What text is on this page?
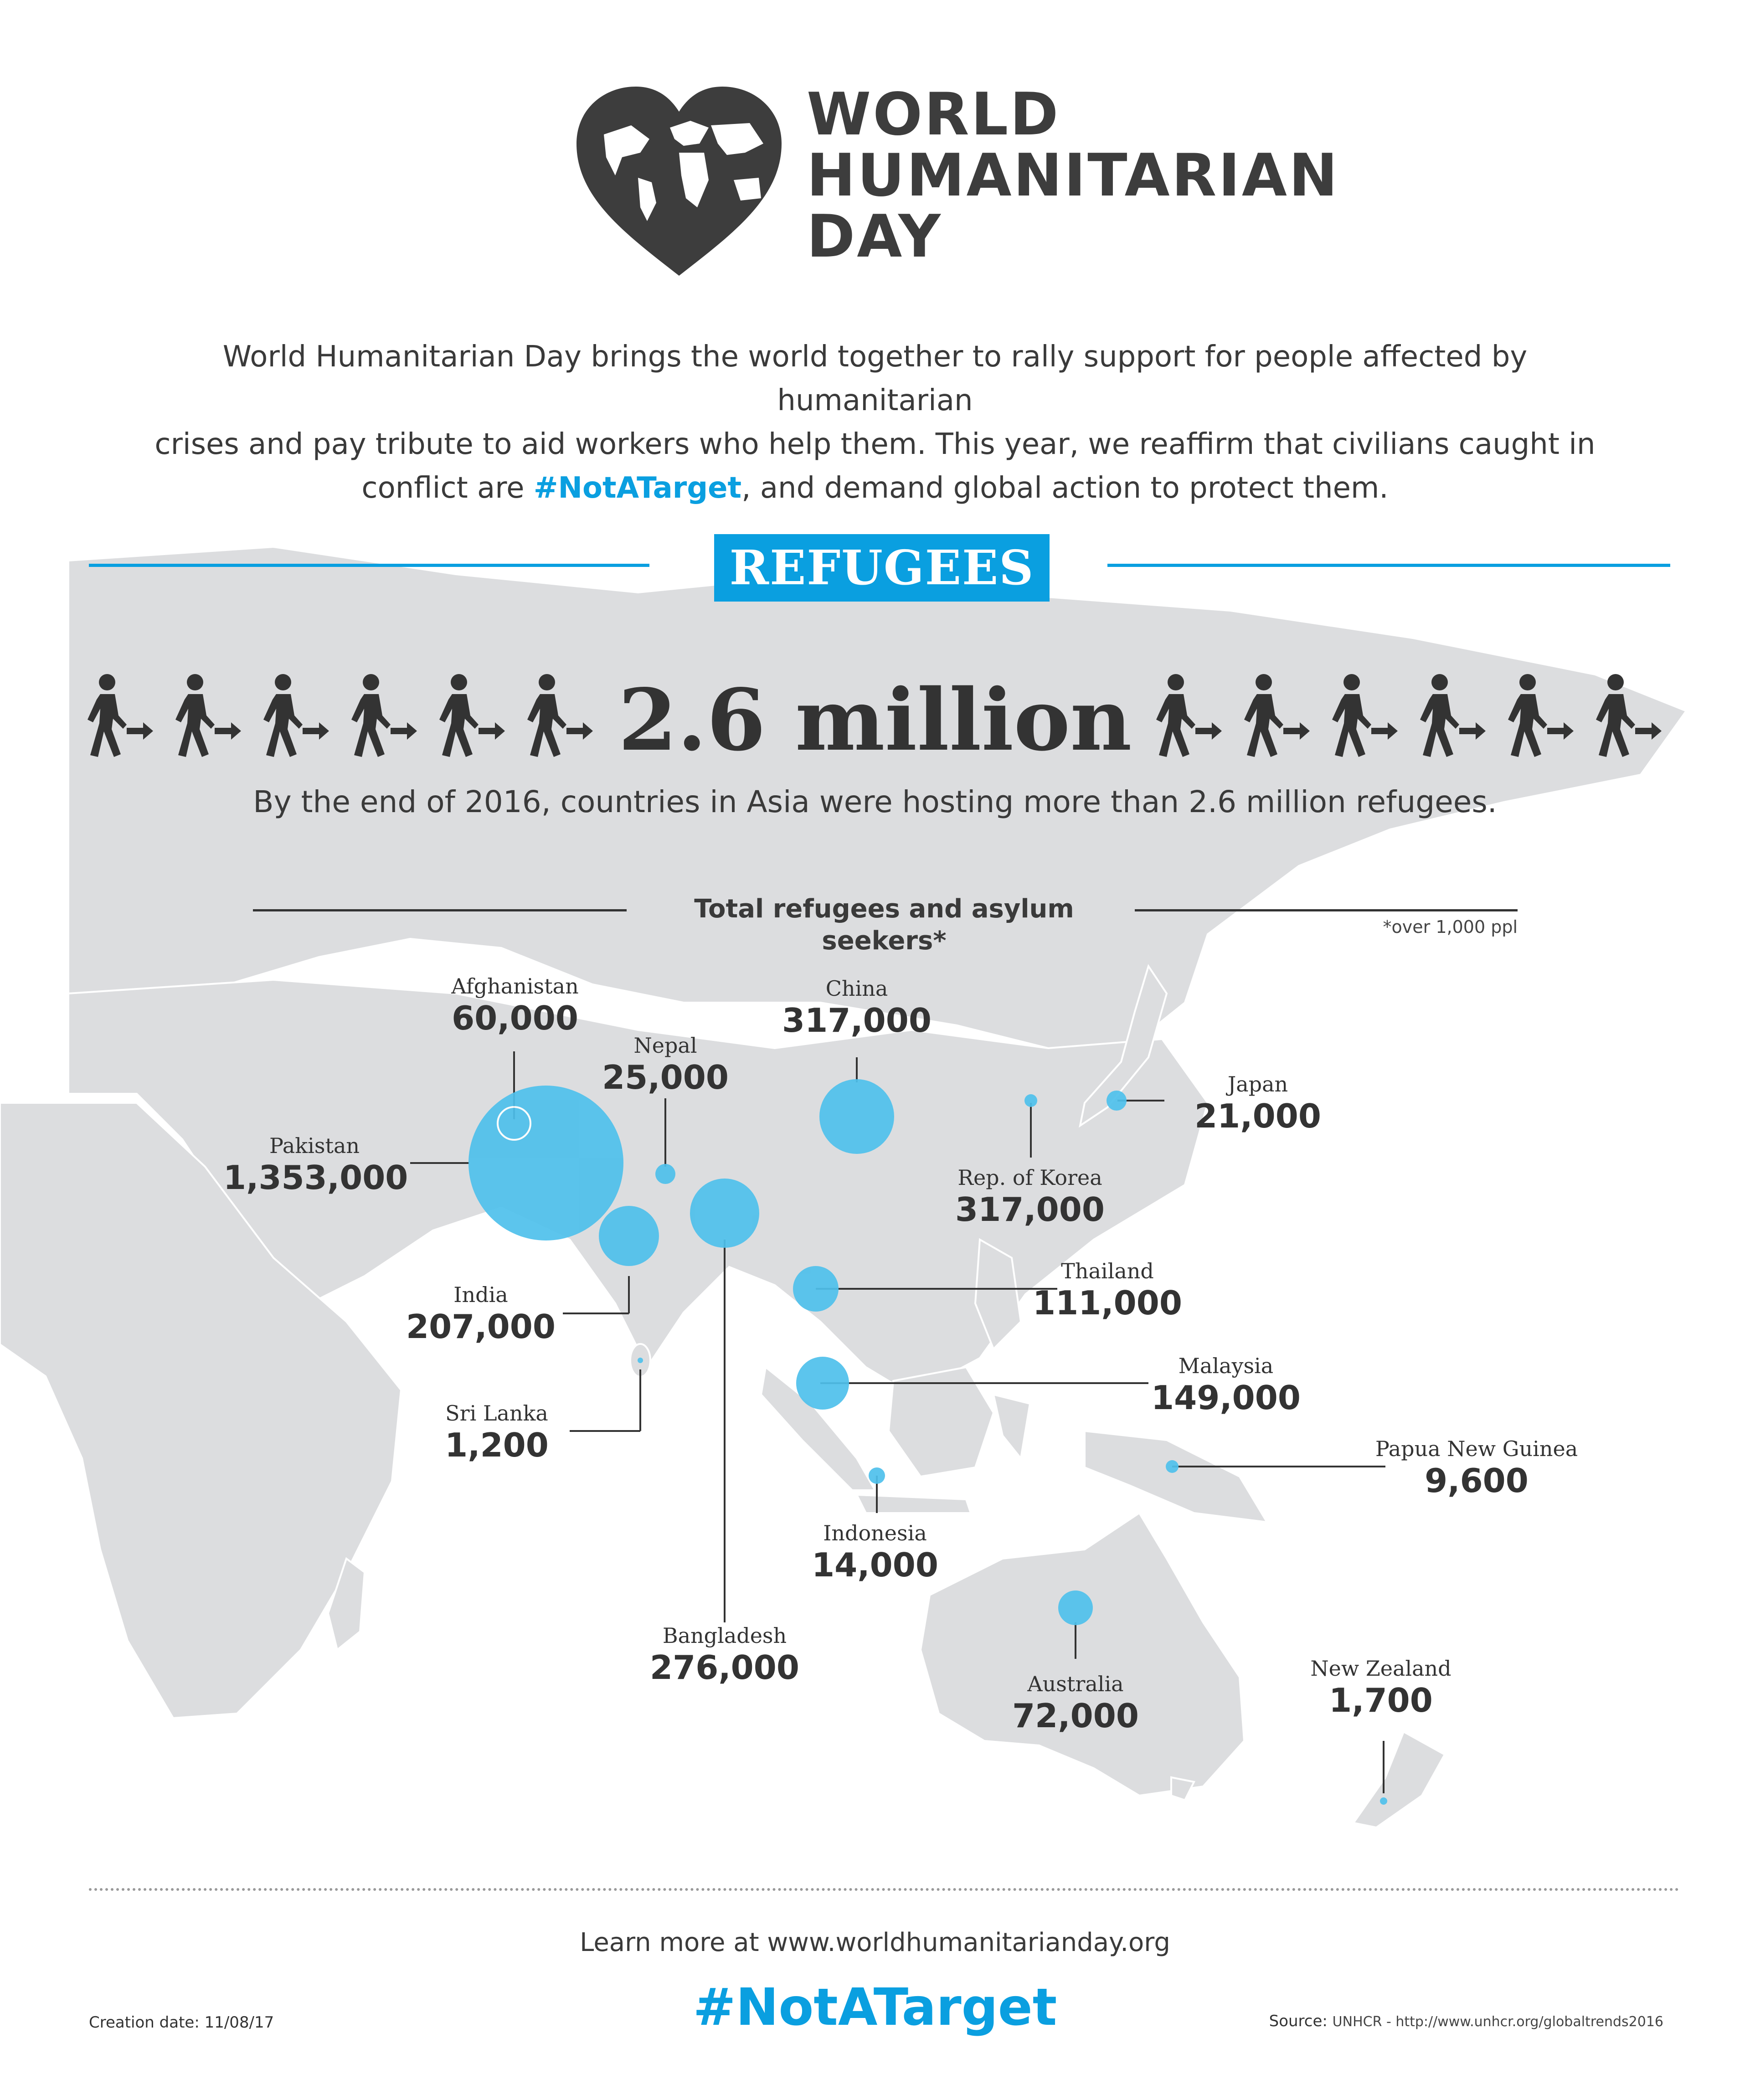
WORLD
HUMANITARIAN
DAY
World Humanitarian Day brings the world together to rally support for people affected by humanitarian
crises and pay tribute to aid workers who help them. This year, we reaffirm that civilians caught in
conflict are #NotATarget, and demand global action to protect them.
REFUGEES
2.6 million
By the end of 2016, countries in Asia were hosting more than 2.6 million refugees.
Total refugees and asylum seekers*	*over 1,000 ppl
Afghanistan
60,000
Nepal
25,000
China
317,000
Japan
21,000
Pakistan
1,353,000	Rep. of Korea
317,000
Thailand
111,000
India
207,000
Malaysia
149,000
Sri Lanka
1,200	Papua New Guinea
9,600
Indonesia
14,000
Bangladesh
276,000	Australia
72,000
New Zealand
1,700
Learn more at www.worldhumanitarianday.org
#NotATarget
Creation date: 11/08/17	Source: UNHCR - http://www.unhcr.org/globaltrends2016
